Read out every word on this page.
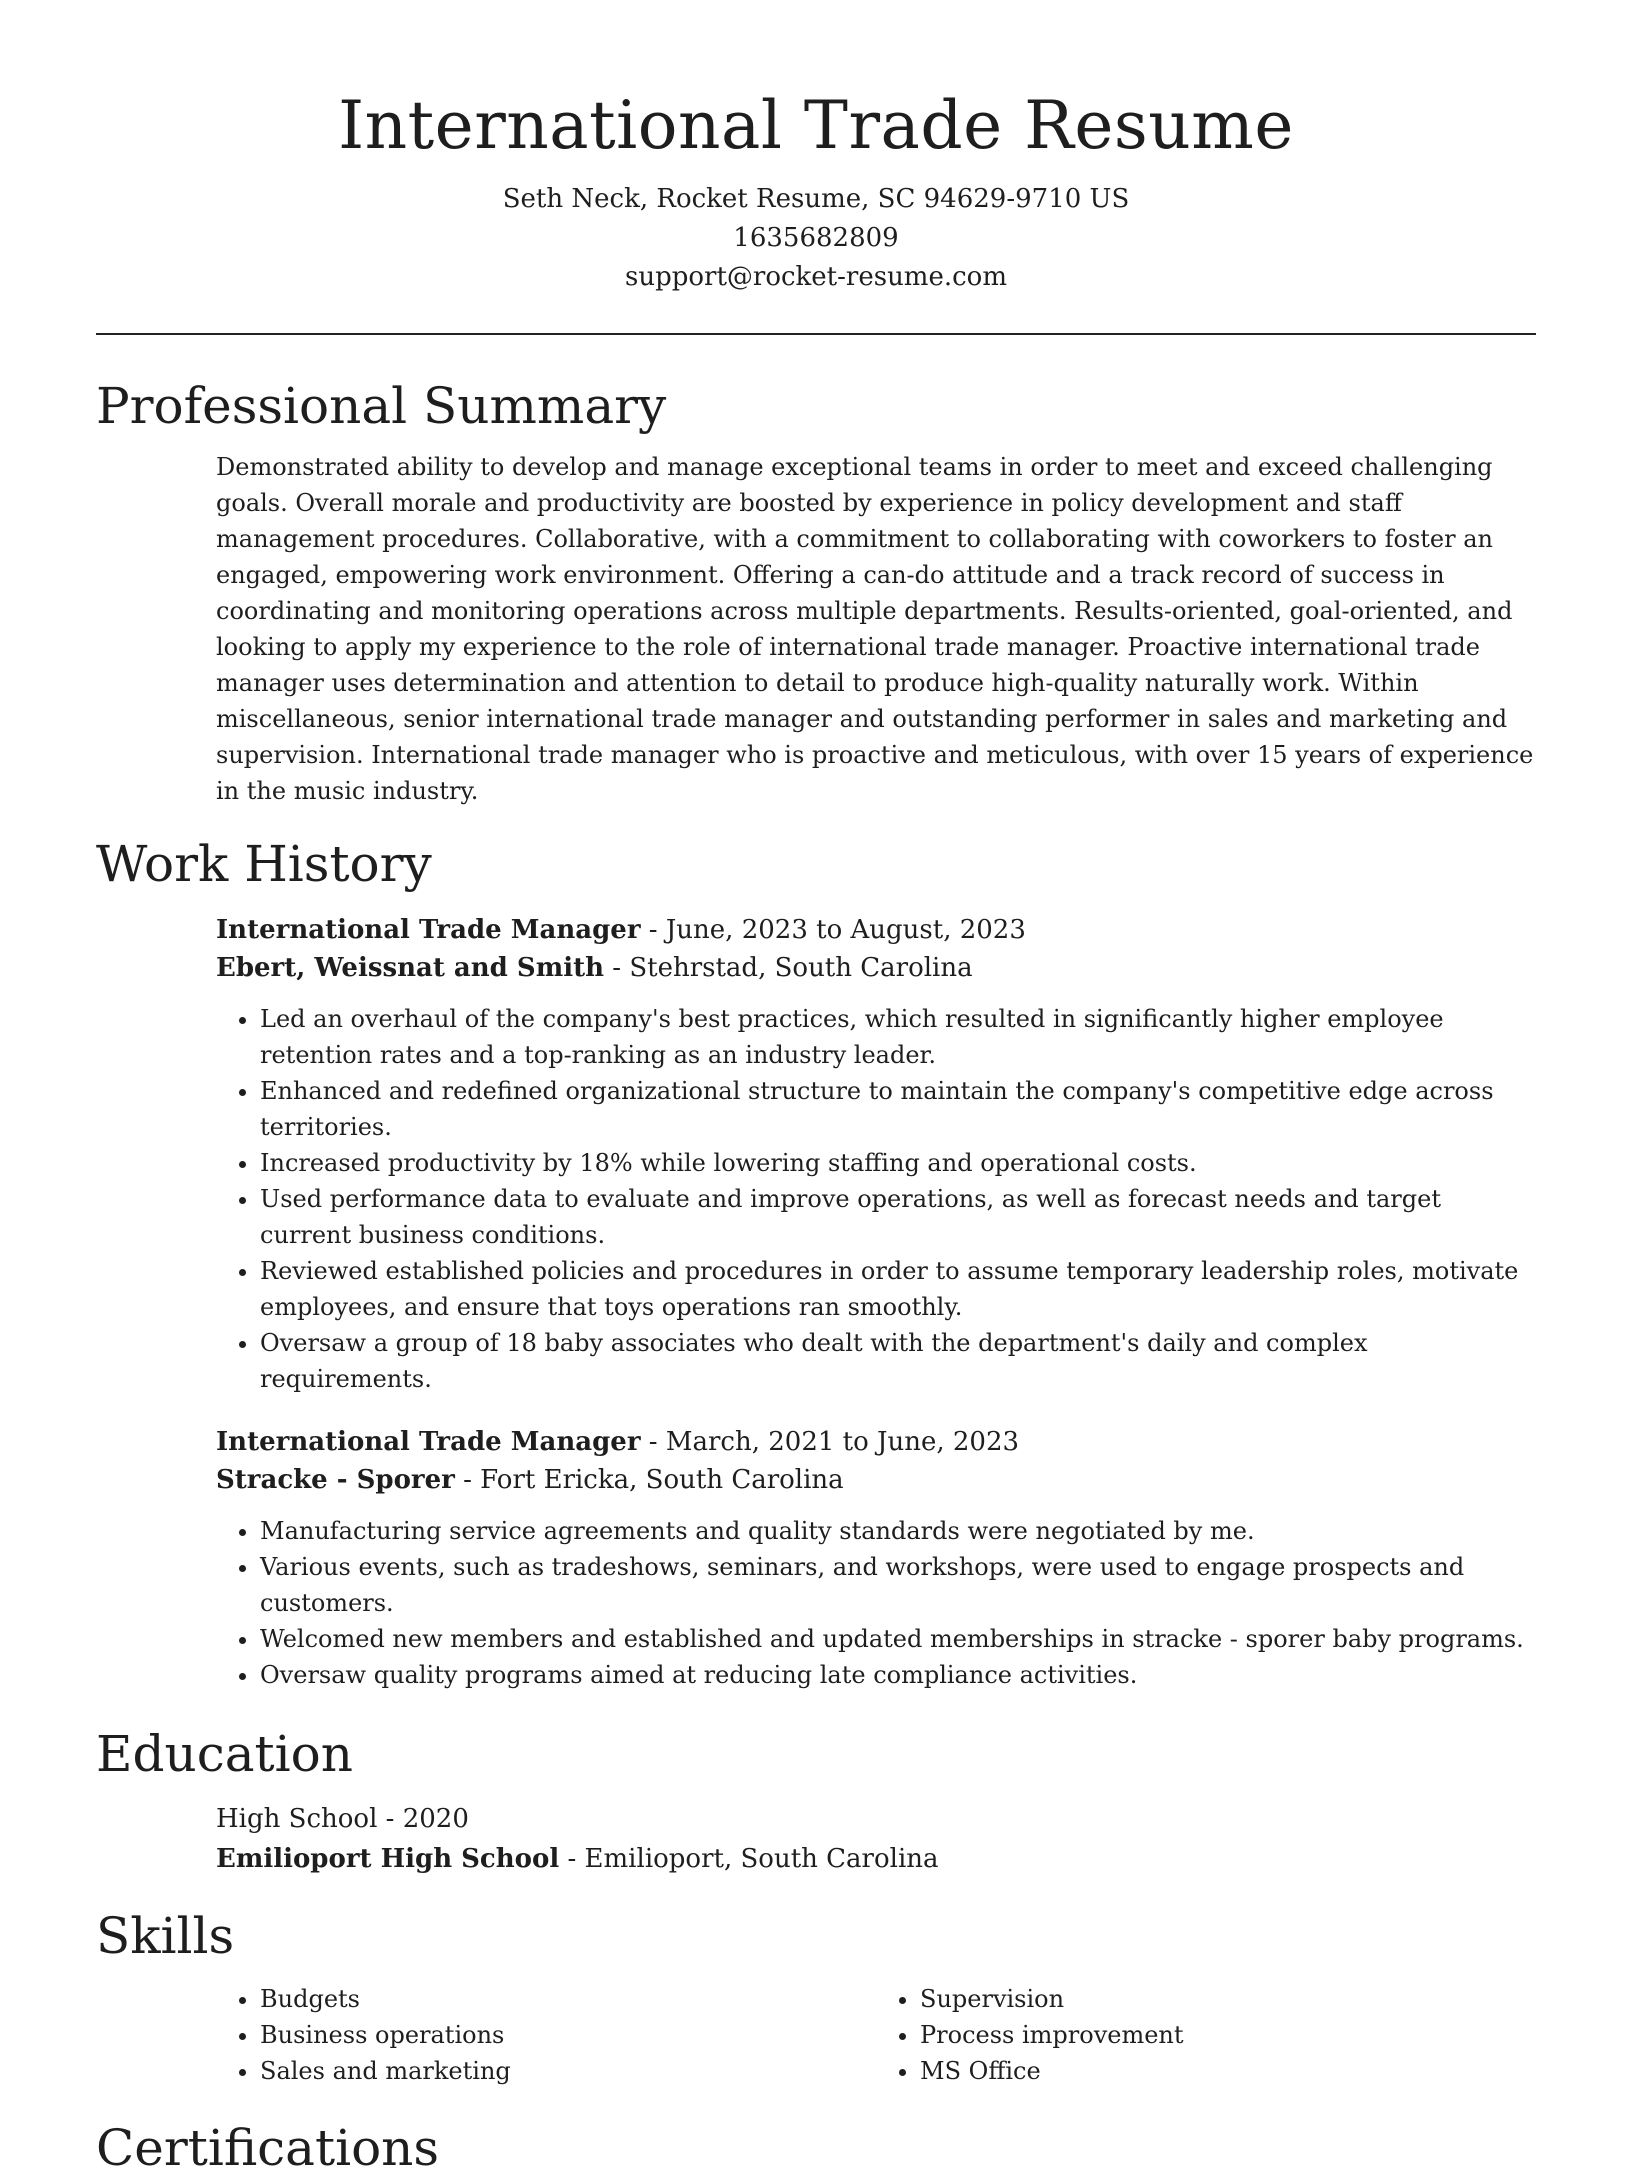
International Trade Resume

Seth Neck, Rocket Resume, SC 94629-9710 US

1635682809

support@rocket-resume.com

Professional Summary

Demonstrated ability to develop and manage exceptional teams in order to meet and exceed challenging goals. Overall morale and productivity are boosted by experience in policy development and staff management procedures. Collaborative, with a commitment to collaborating with coworkers to foster an engaged, empowering work environment. Offering a can-do attitude and a track record of success in coordinating and monitoring operations across multiple departments. Results-oriented, goal-oriented, and looking to apply my experience to the role of international trade manager. Proactive international trade manager uses determination and attention to detail to produce high-quality naturally work. Within miscellaneous, senior international trade manager and outstanding performer in sales and marketing and supervision. International trade manager who is proactive and meticulous, with over 15 years of experience in the music industry.

Work History

International Trade Manager - June, 2023 to August, 2023

Ebert, Weissnat and Smith - Stehrstad, South Carolina

• Led an overhaul of the company's best practices, which resulted in significantly higher employee retention rates and a top-ranking as an industry leader.
• Enhanced and redefined organizational structure to maintain the company's competitive edge across territories.
• Increased productivity by 18% while lowering staffing and operational costs.
• Used performance data to evaluate and improve operations, as well as forecast needs and target current business conditions.
• Reviewed established policies and procedures in order to assume temporary leadership roles, motivate employees, and ensure that toys operations ran smoothly.
• Oversaw a group of 18 baby associates who dealt with the department's daily and complex requirements.

International Trade Manager - March, 2021 to June, 2023

Stracke - Sporer - Fort Ericka, South Carolina

• Manufacturing service agreements and quality standards were negotiated by me.
• Various events, such as tradeshows, seminars, and workshops, were used to engage prospects and customers.
• Welcomed new members and established and updated memberships in stracke - sporer baby programs.
• Oversaw quality programs aimed at reducing late compliance activities.
Education

High School - 2020

Emilioport High School - Emilioport, South Carolina

Skills
• Budgets
• Business operations
• Sales and marketing
• Supervision
• Process improvement
• MS Office
Certifications
